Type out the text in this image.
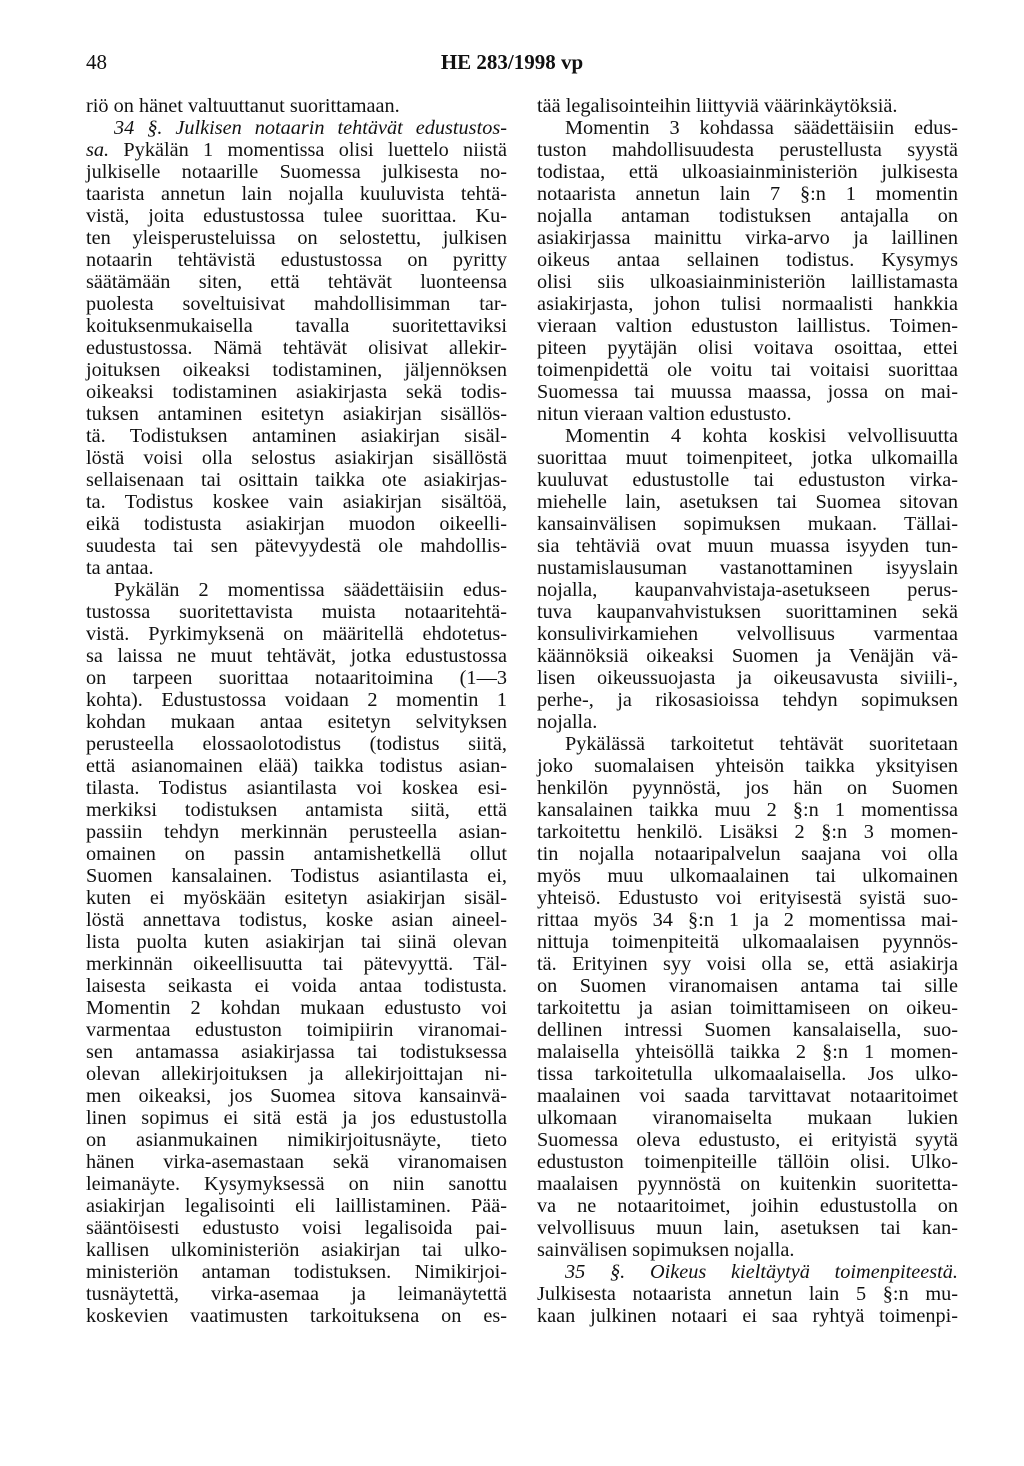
48	HE 283/1998 vp
riö on hänet valtuuttanut suorittamaan.
34 §. Julkisen notaarin tehtävät edustustos-
sa. Pykälän 1 momentissa olisi luettelo niistä
julkiselle notaarille Suomessa julkisesta no-
taarista annetun lain nojalla kuuluvista tehtä-
vistä, joita edustustossa tulee suorittaa. Ku-
ten yleisperusteluissa on selostettu, julkisen
notaarin tehtävistä edustustossa on pyritty
säätämään siten, että tehtävät luonteensa
puolesta soveltuisivat mahdollisimman tar-
koituksenmukaisella tavalla suoritettaviksi
edustustossa. Nämä tehtävät olisivat allekir-
joituksen oikeaksi todistaminen, jäljennöksen
oikeaksi todistaminen asiakirjasta sekä todis-
tuksen antaminen esitetyn asiakirjan sisällös-
tä. Todistuksen antaminen asiakirjan sisäl-
löstä voisi olla selostus asiakirjan sisällöstä
sellaisenaan tai osittain taikka ote asiakirjas-
ta. Todistus koskee vain asiakirjan sisältöä,
eikä todistusta asiakirjan muodon oikeelli-
suudesta tai sen pätevyydestä ole mahdollis-
ta antaa.
Pykälän 2 momentissa säädettäisiin edus-
tustossa suoritettavista muista notaaritehtä-
vistä. Pyrkimyksenä on määritellä ehdotetus-
sa laissa ne muut tehtävät, jotka edustustossa
on tarpeen suorittaa notaaritoimina (1—3
kohta). Edustustossa voidaan 2 momentin 1
kohdan mukaan antaa esitetyn selvityksen
perusteella elossaolotodistus (todistus siitä,
että asianomainen elää) taikka todistus asian-
tilasta. Todistus asiantilasta voi koskea esi-
merkiksi todistuksen antamista siitä, että
passiin tehdyn merkinnän perusteella asian-
omainen on passin antamishetkellä ollut
Suomen kansalainen. Todistus asiantilasta ei,
kuten ei myöskään esitetyn asiakirjan sisäl-
löstä annettava todistus, koske asian aineel-
lista puolta kuten asiakirjan tai siinä olevan
merkinnän oikeellisuutta tai pätevyyttä. Täl-
laisesta seikasta ei voida antaa todistusta.
Momentin 2 kohdan mukaan edustusto voi
varmentaa edustuston toimipiirin viranomai-
sen antamassa asiakirjassa tai todistuksessa
olevan allekirjoituksen ja allekirjoittajan ni-
men oikeaksi, jos Suomea sitova kansainvä-
linen sopimus ei sitä estä ja jos edustustolla
on asianmukainen nimikirjoitusnäyte, tieto
hänen virka-asemastaan sekä viranomaisen
leimanäyte. Kysymyksessä on niin sanottu
asiakirjan legalisointi eli laillistaminen. Pää-
sääntöisesti edustusto voisi legalisoida pai-
kallisen ulkoministeriön asiakirjan tai ulko-
ministeriön antaman todistuksen. Nimikirjoi-
tusnäytettä, virka-asemaa ja leimanäytettä
koskevien vaatimusten tarkoituksena on es-
tää legalisointeihin liittyviä väärinkäytöksiä.
Momentin 3 kohdassa säädettäisiin edus-
tuston mahdollisuudesta perustellusta syystä
todistaa, että ulkoasiainministeriön julkisesta
notaarista annetun lain 7 §:n 1 momentin
nojalla antaman todistuksen antajalla on
asiakirjassa mainittu virka-arvo ja laillinen
oikeus antaa sellainen todistus. Kysymys
olisi siis ulkoasiainministeriön laillistamasta
asiakirjasta, johon tulisi normaalisti hankkia
vieraan valtion edustuston laillistus. Toimen-
piteen pyytäjän olisi voitava osoittaa, ettei
toimenpidettä ole voitu tai voitaisi suorittaa
Suomessa tai muussa maassa, jossa on mai-
nitun vieraan valtion edustusto.
Momentin 4 kohta koskisi velvollisuutta
suorittaa muut toimenpiteet, jotka ulkomailla
kuuluvat edustustolle tai edustuston virka-
miehelle lain, asetuksen tai Suomea sitovan
kansainvälisen sopimuksen mukaan. Tällai-
sia tehtäviä ovat muun muassa isyyden tun-
nustamislausuman vastanottaminen isyyslain
nojalla, kaupanvahvistaja-asetukseen perus-
tuva kaupanvahvistuksen suorittaminen sekä
konsulivirkamiehen velvollisuus varmentaa
käännöksiä oikeaksi Suomen ja Venäjän vä-
lisen oikeussuojasta ja oikeusavusta siviili-,
perhe-, ja rikosasioissa tehdyn sopimuksen
nojalla.
Pykälässä tarkoitetut tehtävät suoritetaan
joko suomalaisen yhteisön taikka yksityisen
henkilön pyynnöstä, jos hän on Suomen
kansalainen taikka muu 2 §:n 1 momentissa
tarkoitettu henkilö. Lisäksi 2 §:n 3 momen-
tin nojalla notaaripalvelun saajana voi olla
myös muu ulkomaalainen tai ulkomainen
yhteisö. Edustusto voi erityisestä syistä suo-
rittaa myös 34 §:n 1 ja 2 momentissa mai-
nittuja toimenpiteitä ulkomaalaisen pyynnös-
tä. Erityinen syy voisi olla se, että asiakirja
on Suomen viranomaisen antama tai sille
tarkoitettu ja asian toimittamiseen on oikeu-
dellinen intressi Suomen kansalaisella, suo-
malaisella yhteisöllä taikka 2 §:n 1 momen-
tissa tarkoitetulla ulkomaalaisella. Jos ulko-
maalainen voi saada tarvittavat notaaritoimet
ulkomaan viranomaiselta mukaan lukien
Suomessa oleva edustusto, ei erityistä syytä
edustuston toimenpiteille tällöin olisi. Ulko-
maalaisen pyynnöstä on kuitenkin suoritetta-
va ne notaaritoimet, joihin edustustolla on
velvollisuus muun lain, asetuksen tai kan-
sainvälisen sopimuksen nojalla.
35 §. Oikeus kieltäytyä toimenpiteestä.
Julkisesta notaarista annetun lain 5 §:n mu-
kaan julkinen notaari ei saa ryhtyä toimenpi-
